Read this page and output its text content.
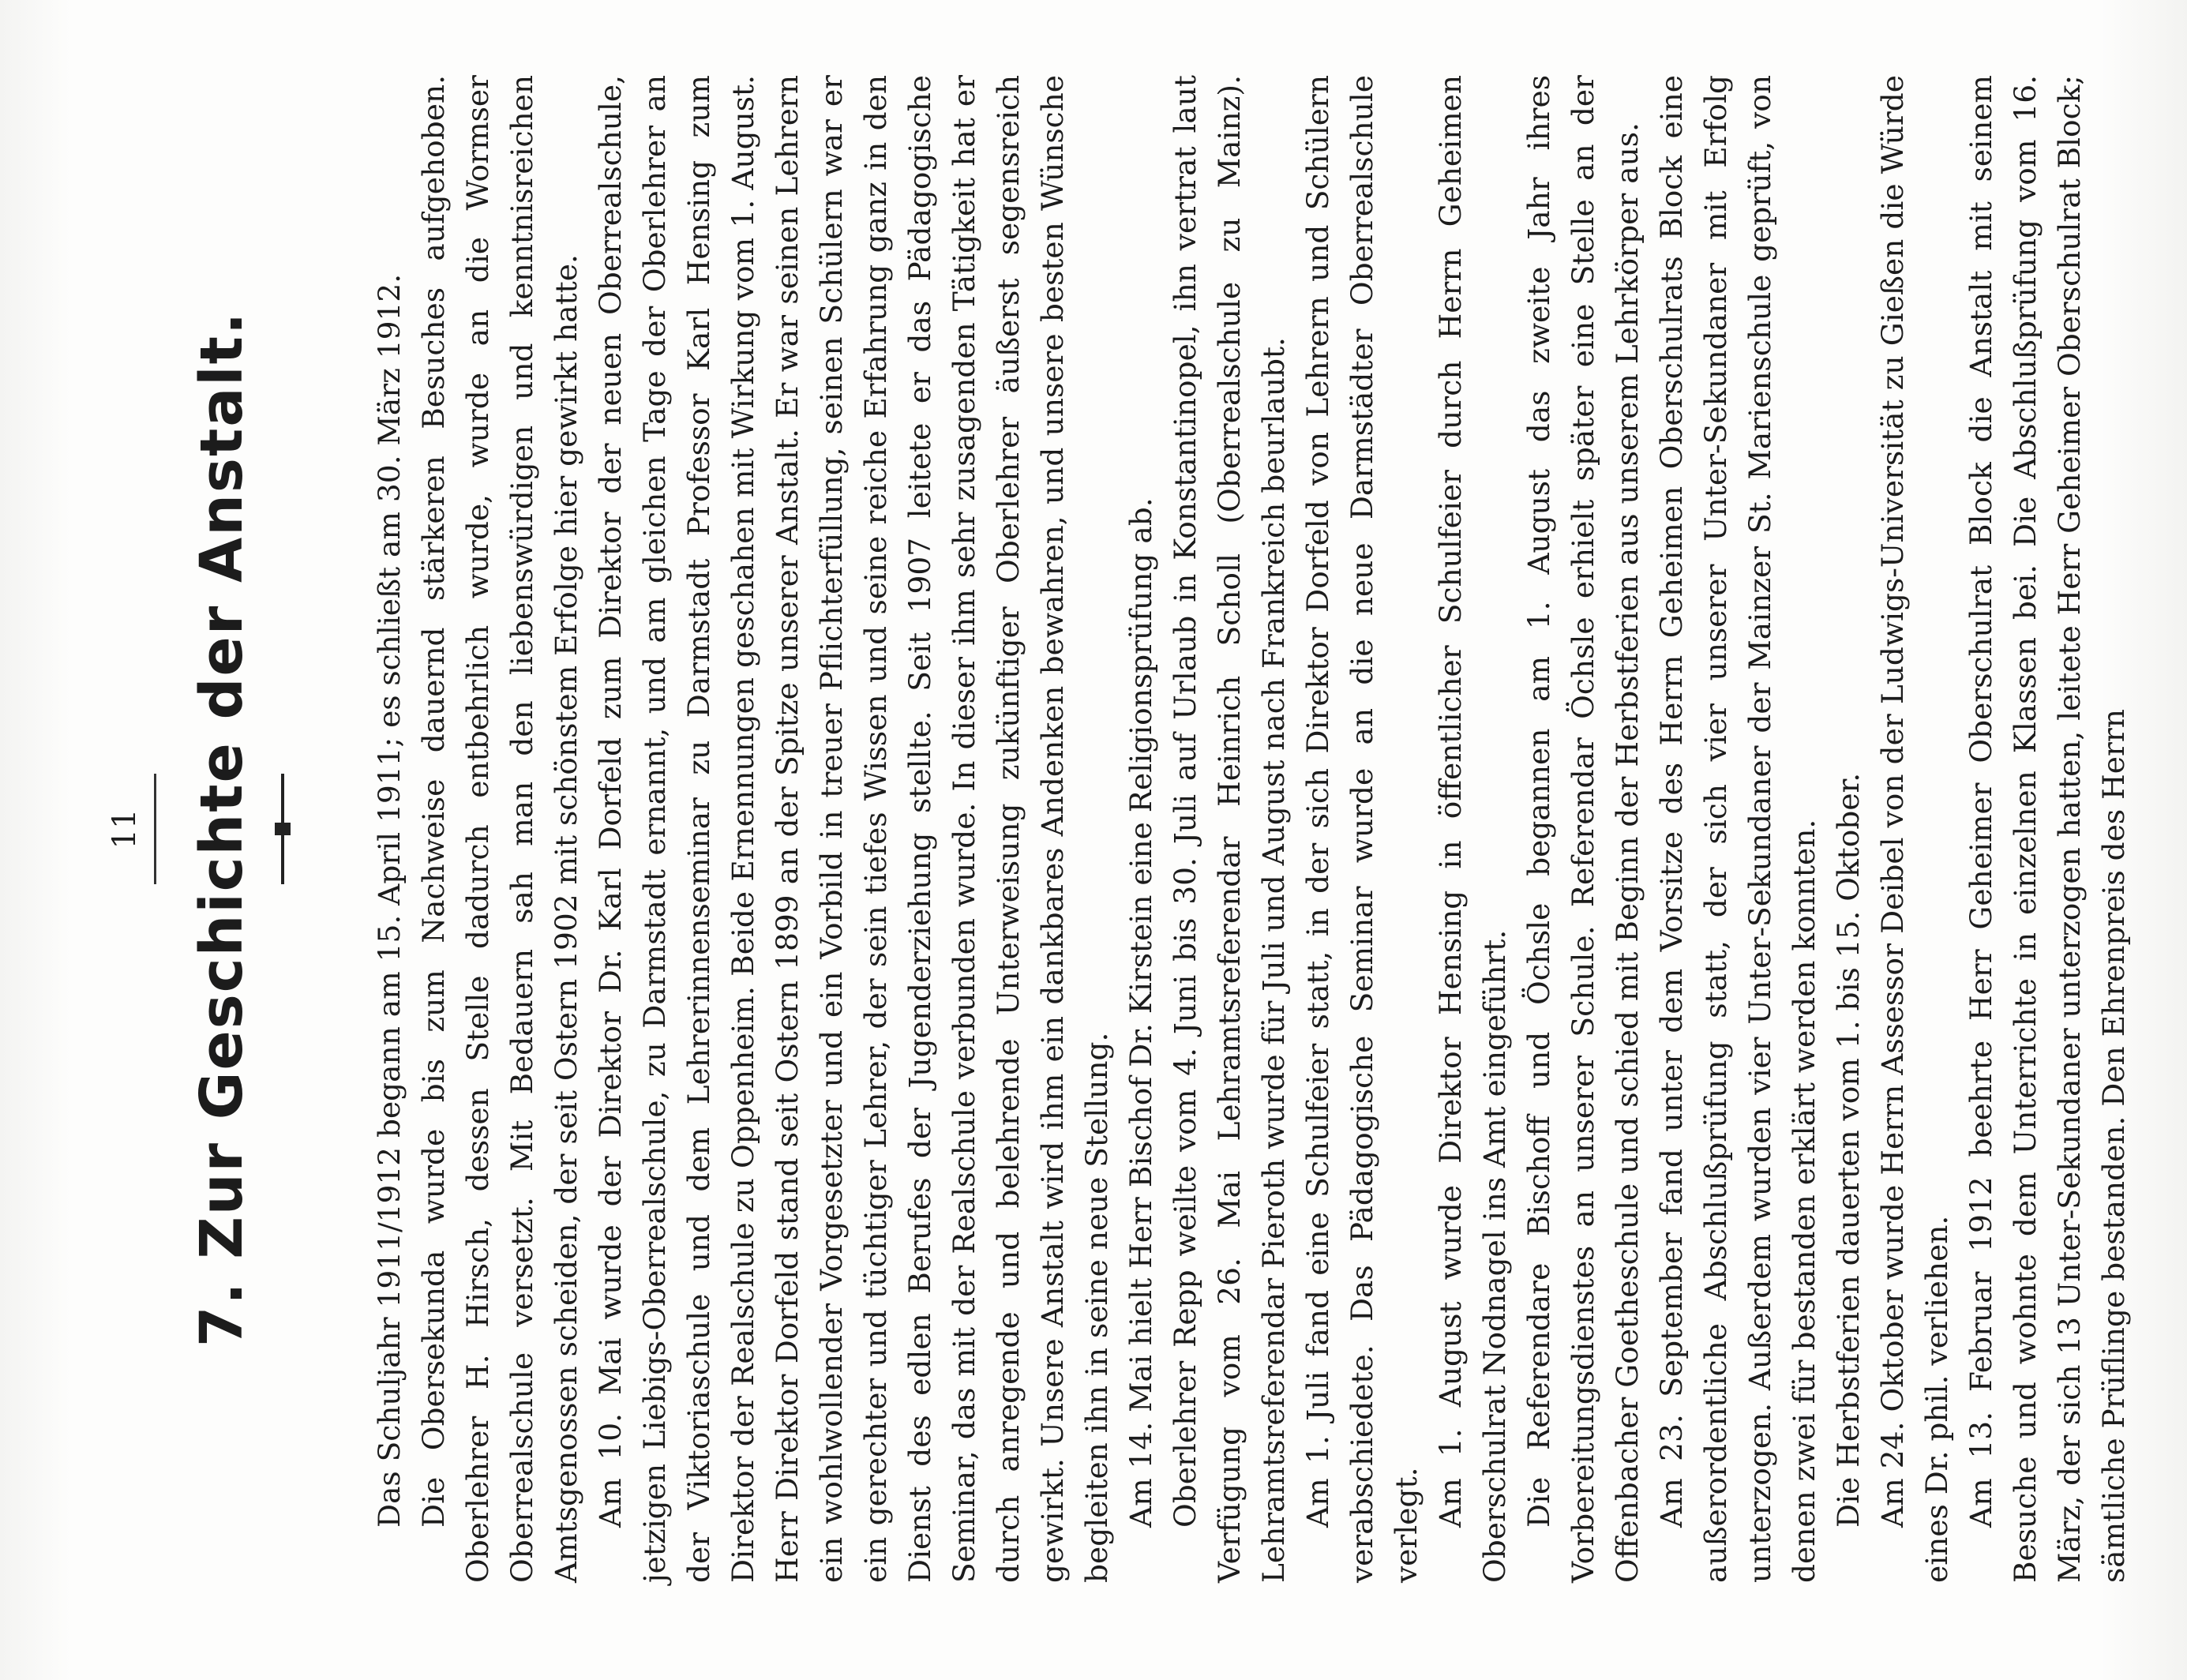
11 7. Zur Geschichte der Anstalt.	Das Schuljahr 1911/1912 begann am 15. April 1911; es schließt am 30. März 1912. Die Obersekunda wurde bis zum Nachweise dauernd stärkeren Besuches aufgehoben. Oberlehrer H. Hirsch, dessen Stelle dadurch entbehrlich wurde, wurde an die Wormser Oberrealschule versetzt. Mit Bedauern sah man den liebenswürdigen und kenntnisreichen Amtsgenossen scheiden, der seit Ostern 1902 mit schönstem Erfolge hier gewirkt hatte. Am 10. Mai wurde der Direktor Dr. Karl Dorfeld zum Direktor der neuen Oberrealschule, jetzigen Liebigs-Oberrealschule, zu Darmstadt ernannt, und am gleichen Tage der Oberlehrer an der Viktoriaschule und dem Lehrerinnenseminar zu Darmstadt Professor Karl Hensing zum Direktor der Realschule zu Oppenheim. Beide Ernennungen geschahen mit Wirkung vom 1. August. Herr Direktor Dorfeld stand seit Ostern 1899 an der Spitze unserer Anstalt. Er war seinen Lehrern ein wohlwollender Vorgesetzter und ein Vorbild in treuer Pflichterfüllung, seinen Schülern war er ein gerechter und tüchtiger Lehrer, der sein tiefes Wissen und seine reiche Erfahrung ganz in den Dienst des edlen Berufes der Jugenderziehung stellte. Seit 1907 leitete er das Pädagogische Seminar, das mit der Realschule verbunden wurde. In dieser ihm sehr zusagenden Tätigkeit hat er durch anregende und belehrende Unterweisung zukünftiger Oberlehrer äußerst segensreich gewirkt. Unsere Anstalt wird ihm ein dankbares Andenken bewahren, und unsere besten Wünsche begleiten ihn in seine neue Stellung. Am 14. Mai hielt Herr Bischof Dr. Kirstein eine Religionsprüfung ab. Oberlehrer Repp weilte vom 4. Juni bis 30. Juli auf Urlaub in Konstantinopel, ihn vertrat laut Verfügung vom 26. Mai Lehramtsreferendar Heinrich Scholl (Oberrealschule zu Mainz). Lehramtsreferendar Pieroth wurde für Juli und August nach Frankreich beurlaubt. Am 1. Juli fand eine Schulfeier statt, in der sich Direktor Dorfeld von Lehrern und Schülern verabschiedete. Das Pädagogische Seminar wurde an die neue Darmstädter Oberrealschule verlegt. Am 1. August wurde Direktor Hensing in öffentlicher Schulfeier durch Herrn Geheimen Oberschulrat Nodnagel ins Amt eingeführt. Die Referendare Bischoff und Öchsle begannen am 1. August das zweite Jahr ihres Vorbereitungsdienstes an unserer Schule. Referendar Öchsle erhielt später eine Stelle an der Offenbacher Goetheschule und schied mit Beginn der Herbstferien aus unserem Lehrkörper aus. Am 23. September fand unter dem Vorsitze des Herrn Geheimen Oberschulrats Block eine außerordentliche Abschlußprüfung statt, der sich vier unserer Unter-Sekundaner mit Erfolg unterzogen. Außerdem wurden vier Unter-Sekundaner der Mainzer St. Marienschule geprüft, von denen zwei für bestanden erklärt werden konnten. Die Herbstferien dauerten vom 1. bis 15. Oktober. Am 24. Oktober wurde Herrn Assessor Deibel von der Ludwigs-Universität zu Gießen die Würde eines Dr. phil. verliehen. Am 13. Februar 1912 beehrte Herr Geheimer Oberschulrat Block die Anstalt mit seinem Besuche und wohnte dem Unterrichte in einzelnen Klassen bei. Die Abschlußprüfung vom 16. März, der sich 13 Unter-Sekundaner unterzogen hatten, leitete Herr Geheimer Oberschulrat Block; sämtliche Prüflinge bestanden. Den Ehrenpreis des Herrn
